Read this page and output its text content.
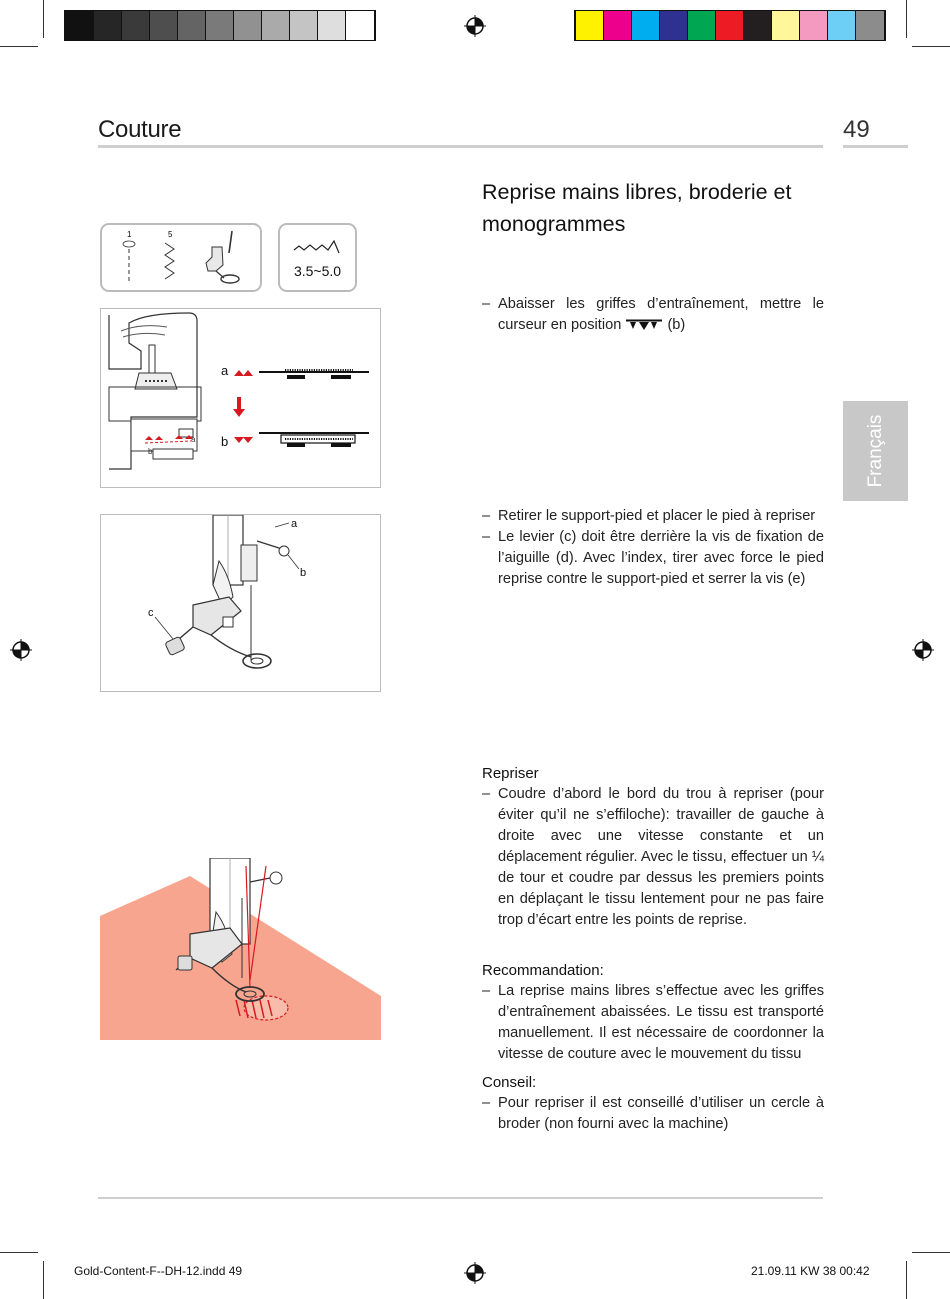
Couture	49
Reprise mains libres, broderie et monogrammes
Français
1	5
3.5~5.0
b
a
a
b
a
b
c
– Abaisser les griffes d’entraînement, mettre le curseur en position	(b)
– Retirer le support-pied et placer le pied à repriser
– Le levier (c) doit être derrière la vis de fixation de l’aiguille (d). Avec l’index, tirer avec force le pied reprise contre le support-pied et serrer la vis (e)
Repriser
– Coudre d’abord le bord du trou à repriser (pour éviter qu’il ne s’effiloche): travailler de gauche à droite avec une vitesse constante et un déplacement régulier. Avec le tissu, effectuer un ¼ de tour et coudre par dessus les premiers points en déplaçant le tissu lentement pour ne pas faire trop d’écart entre les points de reprise.
Recommandation:
– La reprise mains libres s’effectue avec les griffes d’entraînement abaissées. Le tissu est transporté manuellement. Il est nécessaire de coordonner la vitesse de couture avec le mouvement du tissu
Conseil:
– Pour repriser il est conseillé d’utiliser un cercle à broder (non fourni avec la machine)
Gold-Content-F--DH-12.indd 49	21.09.11 KW 38 00:42
